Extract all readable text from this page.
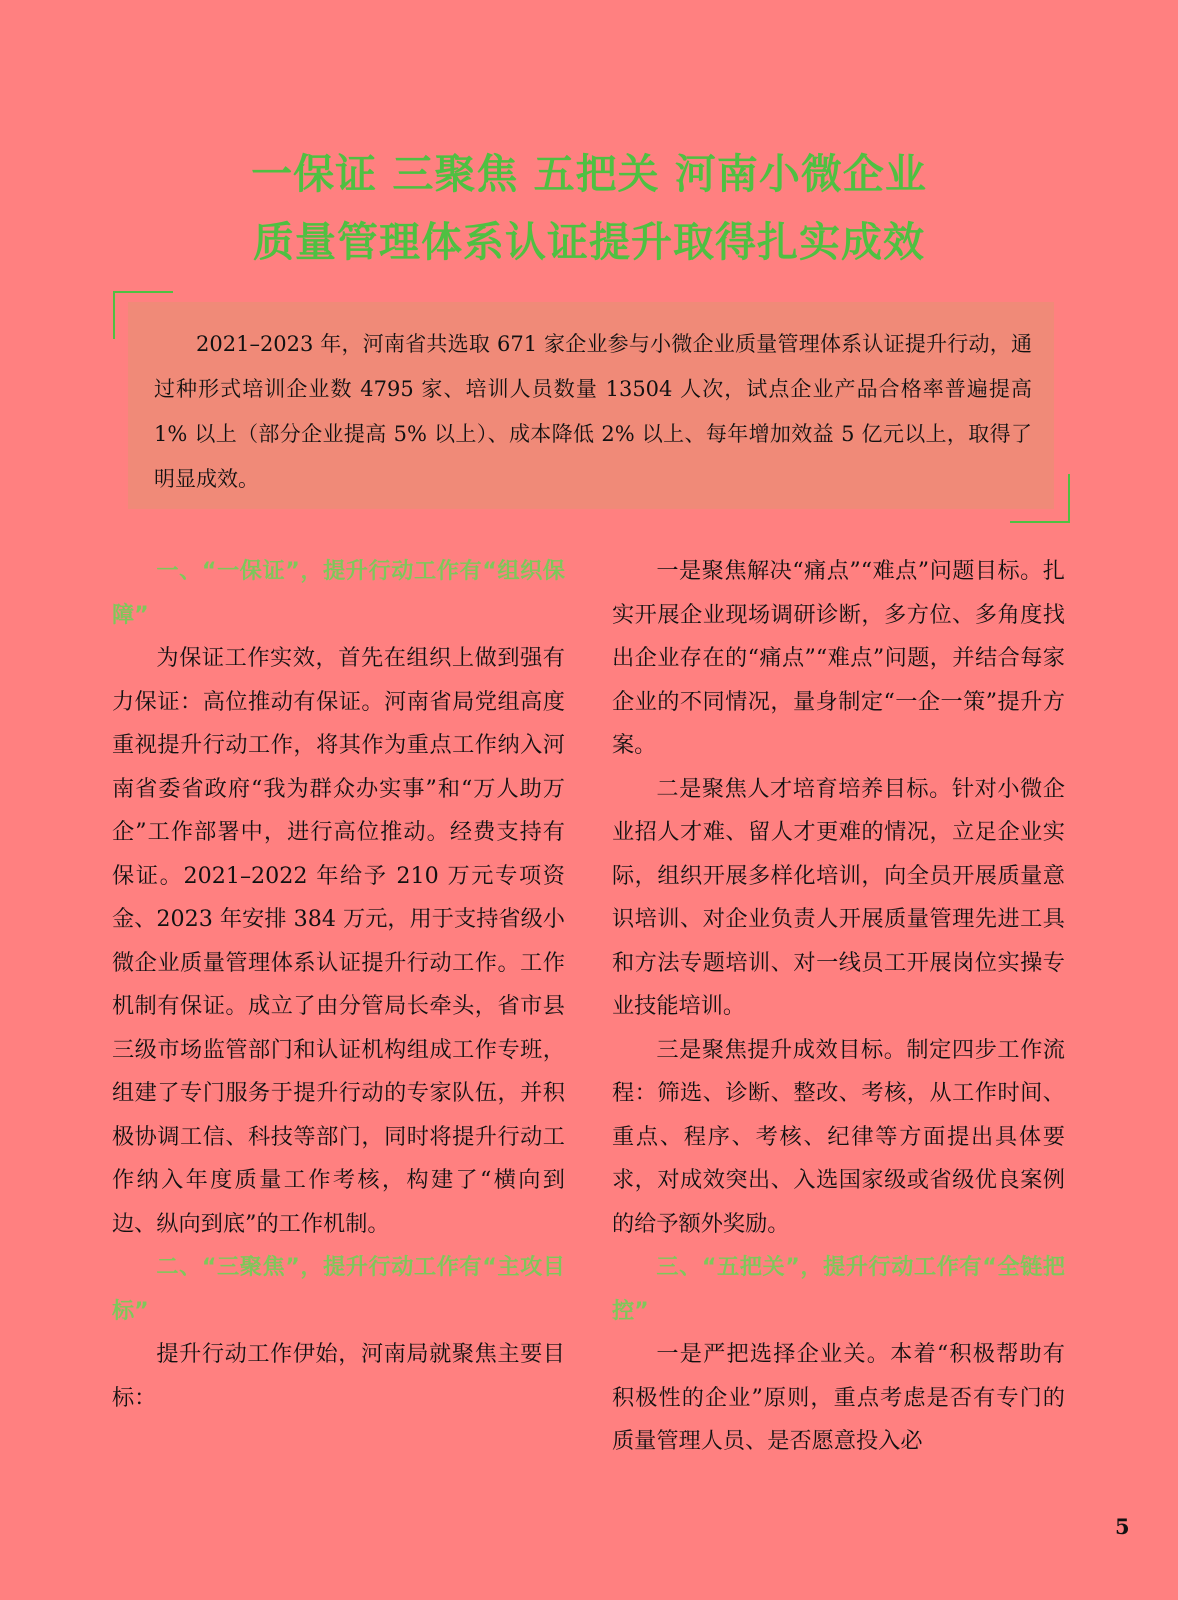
一保证 三聚焦 五把关 河南小微企业
质量管理体系认证提升取得扎实成效

2021–2023 年，河南省共选取 671 家企业参与小微企业质量管理体系认证提升行动，通过种形式培训企业数 4795 家、培训人员数量 13504 人次，试点企业产品合格率普遍提高 1% 以上（部分企业提高 5% 以上）、成本降低 2% 以上、每年增加效益 5 亿元以上，取得了明显成效。

一、“一保证”，提升行动工作有“组织保障”

为保证工作实效，首先在组织上做到强有力保证：高位推动有保证。河南省局党组高度重视提升行动工作，将其作为重点工作纳入河南省委省政府“我为群众办实事”和“万人助万企”工作部署中，进行高位推动。经费支持有保证。2021–2022 年给予 210 万元专项资金、2023 年安排 384 万元，用于支持省级小微企业质量管理体系认证提升行动工作。工作机制有保证。成立了由分管局长牵头，省市县三级市场监管部门和认证机构组成工作专班，组建了专门服务于提升行动的专家队伍，并积极协调工信、科技等部门，同时将提升行动工作纳入年度质量工作考核，构建了“横向到边、纵向到底”的工作机制。

二、“三聚焦”，提升行动工作有“主攻目标”

提升行动工作伊始，河南局就聚焦主要目标：

一是聚焦解决“痛点”“难点”问题目标。扎实开展企业现场调研诊断，多方位、多角度找出企业存在的“痛点”“难点”问题，并结合每家企业的不同情况，量身制定“一企一策”提升方案。

二是聚焦人才培育培养目标。针对小微企业招人才难、留人才更难的情况，立足企业实际，组织开展多样化培训，向全员开展质量意识培训、对企业负责人开展质量管理先进工具和方法专题培训、对一线员工开展岗位实操专业技能培训。

三是聚焦提升成效目标。制定四步工作流程：筛选、诊断、整改、考核，从工作时间、重点、程序、考核、纪律等方面提出具体要求，对成效突出、入选国家级或省级优良案例的给予额外奖励。

三、“五把关”，提升行动工作有“全链把控”

一是严把选择企业关。本着“积极帮助有积极性的企业”原则，重点考虑是否有专门的质量管理人员、是否愿意投入必

5
